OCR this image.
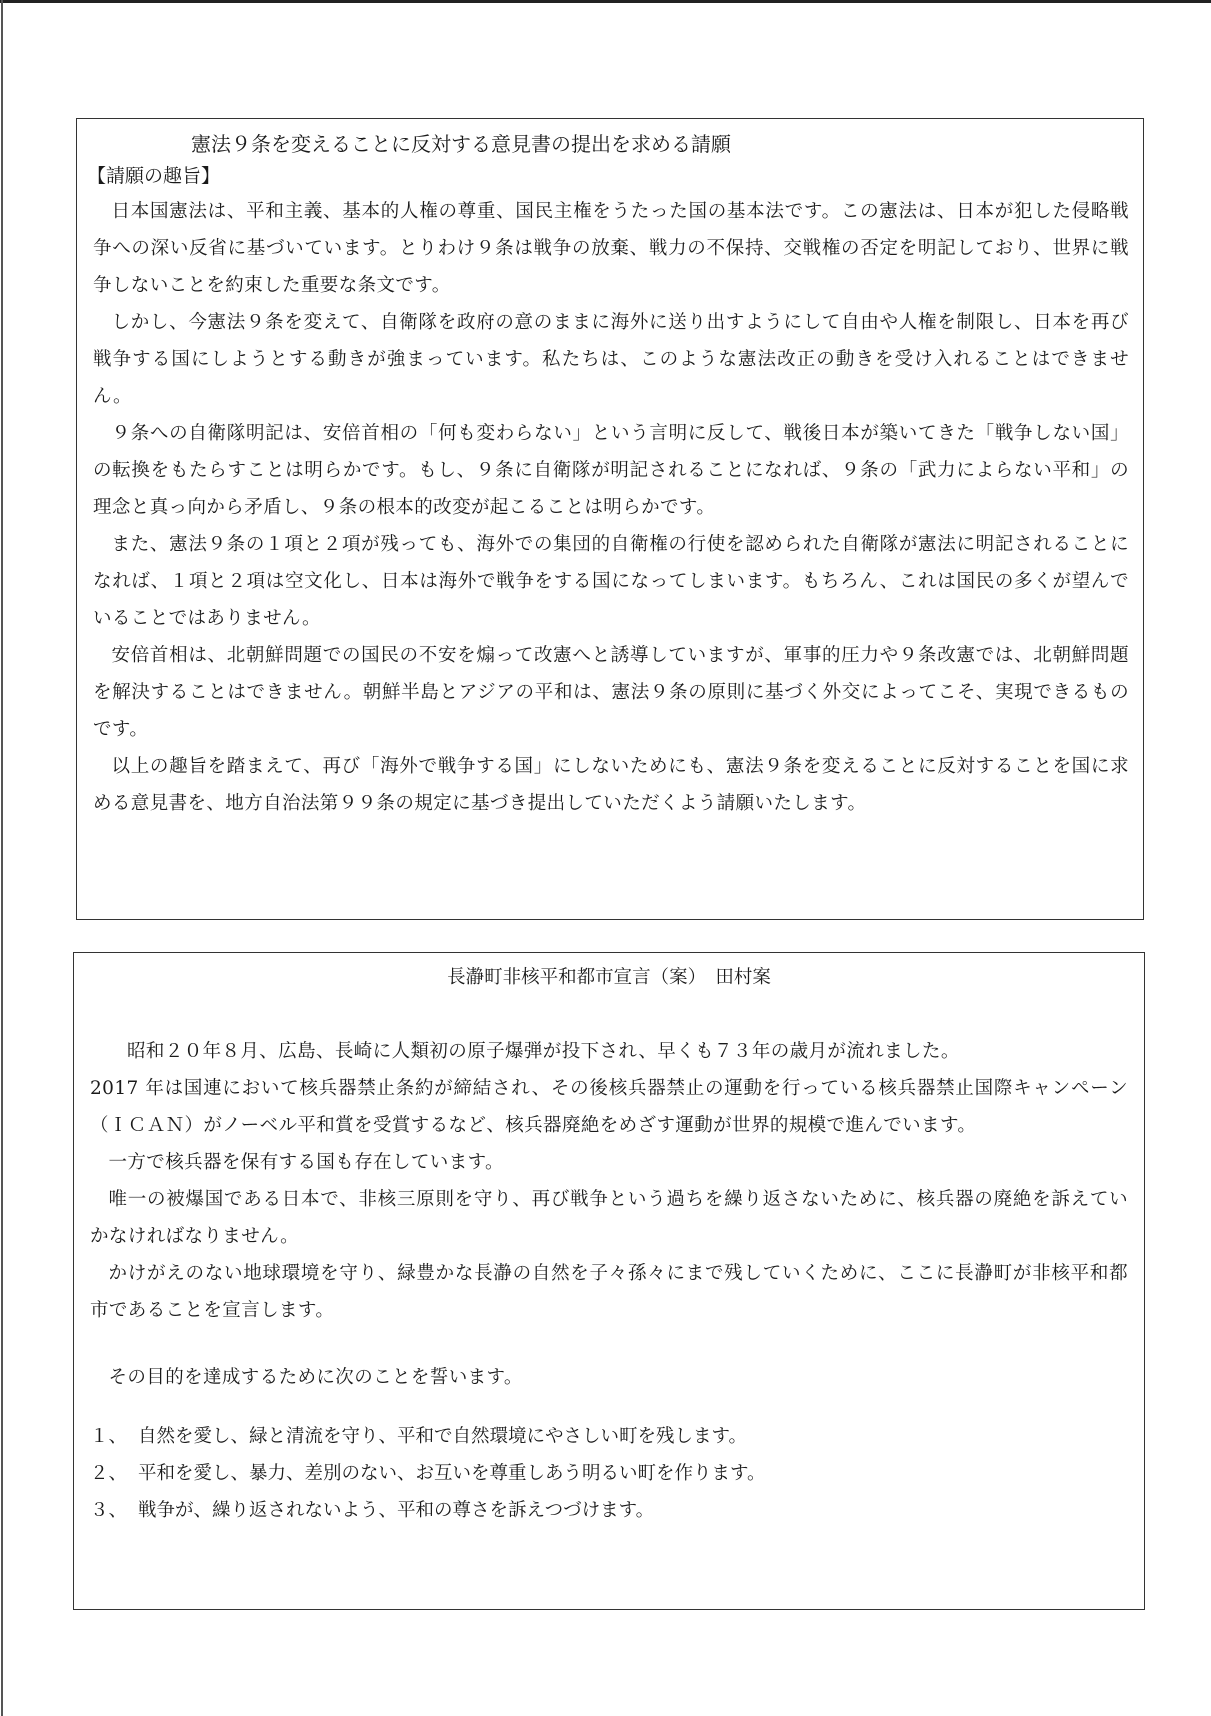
憲法９条を変えることに反対する意見書の提出を求める請願
【請願の趣旨】

日本国憲法は、平和主義、基本的人権の尊重、国民主権をうたった国の基本法です。この憲法は、日本が犯した侵略戦争への深い反省に基づいています。とりわけ９条は戦争の放棄、戦力の不保持、交戦権の否定を明記しており、世界に戦争しないことを約束した重要な条文です。

しかし、今憲法９条を変えて、自衛隊を政府の意のままに海外に送り出すようにして自由や人権を制限し、日本を再び戦争する国にしようとする動きが強まっています。私たちは、このような憲法改正の動きを受け入れることはできません。

９条への自衛隊明記は、安倍首相の「何も変わらない」という言明に反して、戦後日本が築いてきた「戦争しない国」の転換をもたらすことは明らかです。もし、９条に自衛隊が明記されることになれば、９条の「武力によらない平和」の理念と真っ向から矛盾し、９条の根本的改変が起こることは明らかです。

また、憲法９条の１項と２項が残っても、海外での集団的自衛権の行使を認められた自衛隊が憲法に明記されることになれば、１項と２項は空文化し、日本は海外で戦争をする国になってしまいます。もちろん、これは国民の多くが望んでいることではありません。

安倍首相は、北朝鮮問題での国民の不安を煽って改憲へと誘導していますが、軍事的圧力や９条改憲では、北朝鮮問題を解決することはできません。朝鮮半島とアジアの平和は、憲法９条の原則に基づく外交によってこそ、実現できるものです。

以上の趣旨を踏まえて、再び「海外で戦争する国」にしないためにも、憲法９条を変えることに反対することを国に求める意見書を、地方自治法第９９条の規定に基づき提出していただくよう請願いたします。

長瀞町非核平和都市宣言（案）　田村案

昭和２０年８月、広島、長崎に人類初の原子爆弾が投下され、早くも７３年の歳月が流れました。

2017 年は国連において核兵器禁止条約が締結され、その後核兵器禁止の運動を行っている核兵器禁止国際キャンペーン（ＩＣＡＮ）がノーベル平和賞を受賞するなど、核兵器廃絶をめざす運動が世界的規模で進んでいます。

一方で核兵器を保有する国も存在しています。

唯一の被爆国である日本で、非核三原則を守り、再び戦争という過ちを繰り返さないために、核兵器の廃絶を訴えていかなければなりません。

かけがえのない地球環境を守り、緑豊かな長瀞の自然を子々孫々にまで残していくために、ここに長瀞町が非核平和都市であることを宣言します。

その目的を達成するために次のことを誓います。

１、 自然を愛し、緑と清流を守り、平和で自然環境にやさしい町を残します。
２、 平和を愛し、暴力、差別のない、お互いを尊重しあう明るい町を作ります。
３、 戦争が、繰り返されないよう、平和の尊さを訴えつづけます。
